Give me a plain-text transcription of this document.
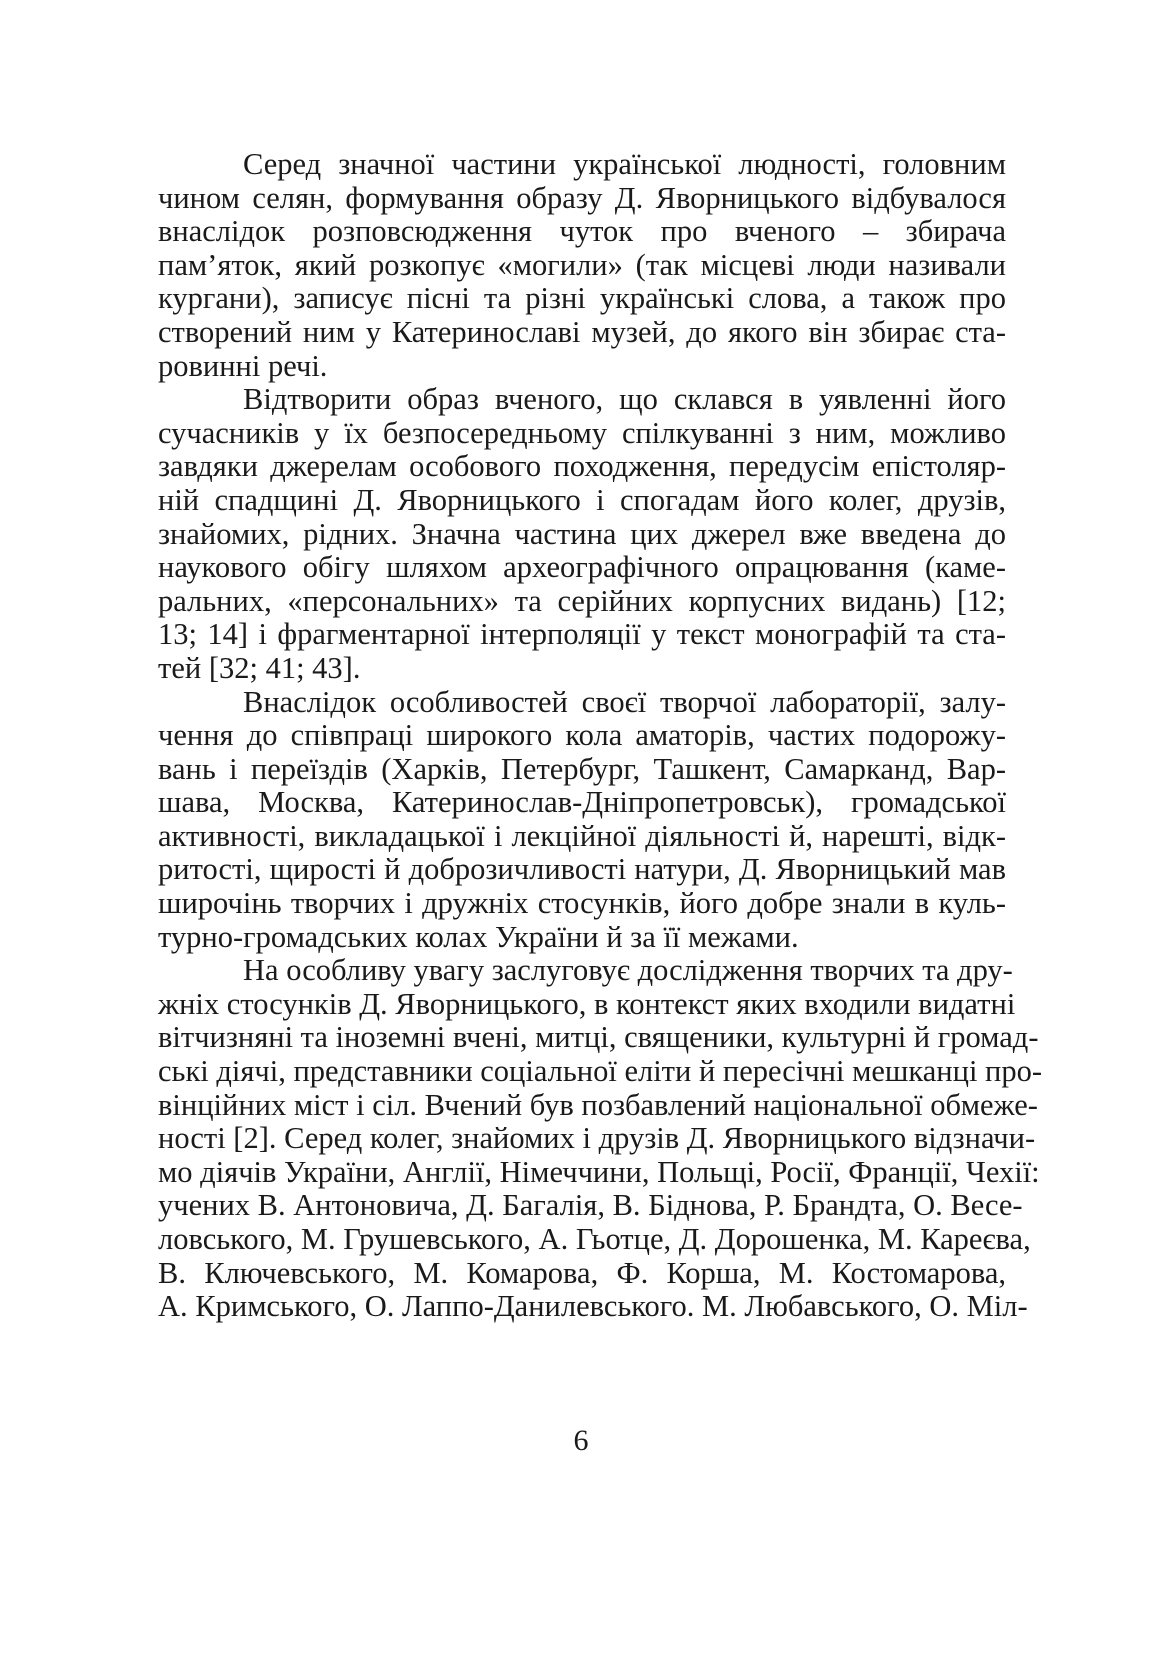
Серед значної частини української людності, головним
чином селян, формування образу Д. Яворницького відбувалося
внаслідок розповсюдження чуток про вченого – збирача
пам’яток, який розкопує «могили» (так місцеві люди називали
кургани), записує пісні та різні українські слова, а також про
створений ним у Катеринославі музей, до якого він збирає ста-
ровинні речі.
Відтворити образ вченого, що склався в уявленні його
сучасників у їх безпосередньому спілкуванні з ним, можливо
завдяки джерелам особового походження, передусім епістоляр-
ній спадщині Д. Яворницького і спогадам його колег, друзів,
знайомих, рідних. Значна частина цих джерел вже введена до
наукового обігу шляхом археографічного опрацювання (каме-
ральних, «персональних» та серійних корпусних видань) [12;
13; 14] і фрагментарної інтерполяції у текст монографій та ста-
тей [32; 41; 43].
Внаслідок особливостей своєї творчої лабораторії, залу-
чення до співпраці широкого кола аматорів, частих подорожу-
вань і переїздів (Харків, Петербург, Ташкент, Самарканд, Вар-
шава, Москва, Катеринослав-Дніпропетровськ), громадської
активності, викладацької і лекційної діяльності й, нарешті, відк-
ритості, щирості й доброзичливості натури, Д. Яворницький мав
широчінь творчих і дружніх стосунків, його добре знали в куль-
турно-громадських колах України й за її межами.
На особливу увагу заслуговує дослідження творчих та дру-
жніх стосунків Д. Яворницького, в контекст яких входили видатні
вітчизняні та іноземні вчені, митці, священики, культурні й громад-
ські діячі, представники соціальної еліти й пересічні мешканці про-
вінційних міст і сіл. Вчений був позбавлений національної обмеже-
ності [2]. Серед колег, знайомих і друзів Д. Яворницького відзначи-
мо діячів України, Англії, Німеччини, Польщі, Росії, Франції, Чехії:
учених В. Антоновича, Д. Багалія, В. Біднова, Р. Брандта, О. Весе-
ловського, М. Грушевського, А. Гьотце, Д. Дорошенка, М. Кареєва,
В. Ключевського, М. Комарова, Ф. Корша, М. Костомарова,
А. Кримського, О. Лаппо-Данилевського. М. Любавського, О. Міл-
6
